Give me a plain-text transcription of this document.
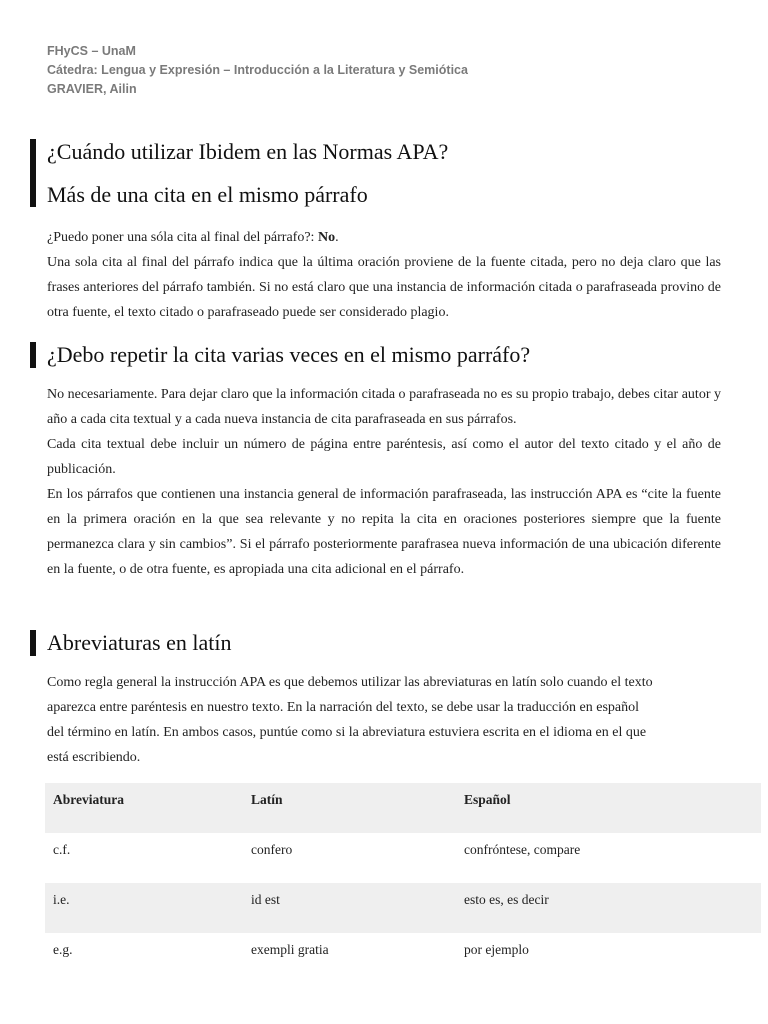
FHyCS – UnaM
Cátedra: Lengua y Expresión – Introducción a la Literatura y Semiótica
GRAVIER, Ailin
¿Cuándo utilizar Ibidem en las Normas APA?
Más de una cita en el mismo párrafo

¿Puedo poner una sóla cita al final del párrafo?: No.

Una sola cita al final del párrafo indica que la última oración proviene de la fuente citada, pero no deja claro que las frases anteriores del párrafo también. Si no está claro que una instancia de información citada o parafraseada provino de otra fuente, el texto citado o parafraseado puede ser considerado plagio.

¿Debo repetir la cita varias veces en el mismo parráfo?

No necesariamente. Para dejar claro que la información citada o parafraseada no es su propio trabajo, debes citar autor y año a cada cita textual y a cada nueva instancia de cita parafraseada en sus párrafos.

Cada cita textual debe incluir un número de página entre paréntesis, así como el autor del texto citado y el año de publicación.

En los párrafos que contienen una instancia general de información parafraseada, las instrucción APA es “cite la fuente en la primera oración en la que sea relevante y no repita la cita en oraciones posteriores siempre que la fuente permanezca clara y sin cambios”. Si el párrafo posteriormente parafrasea nueva información de una ubicación diferente en la fuente, o de otra fuente, es apropiada una cita adicional en el párrafo.

Abreviaturas en latín
Como regla general la instrucción APA es que debemos utilizar las abreviaturas en latín solo cuando el texto
aparezca entre paréntesis en nuestro texto. En la narración del texto, se debe usar la traducción en español
del término en latín. En ambos casos, puntúe como si la abreviatura estuviera escrita en el idioma en el que
está escribiendo.
Abreviatura	Latín	Español
c.f.	confero	confróntese, compare
i.e.	id est	esto es, es decir
e.g.	exempli gratia	por ejemplo
